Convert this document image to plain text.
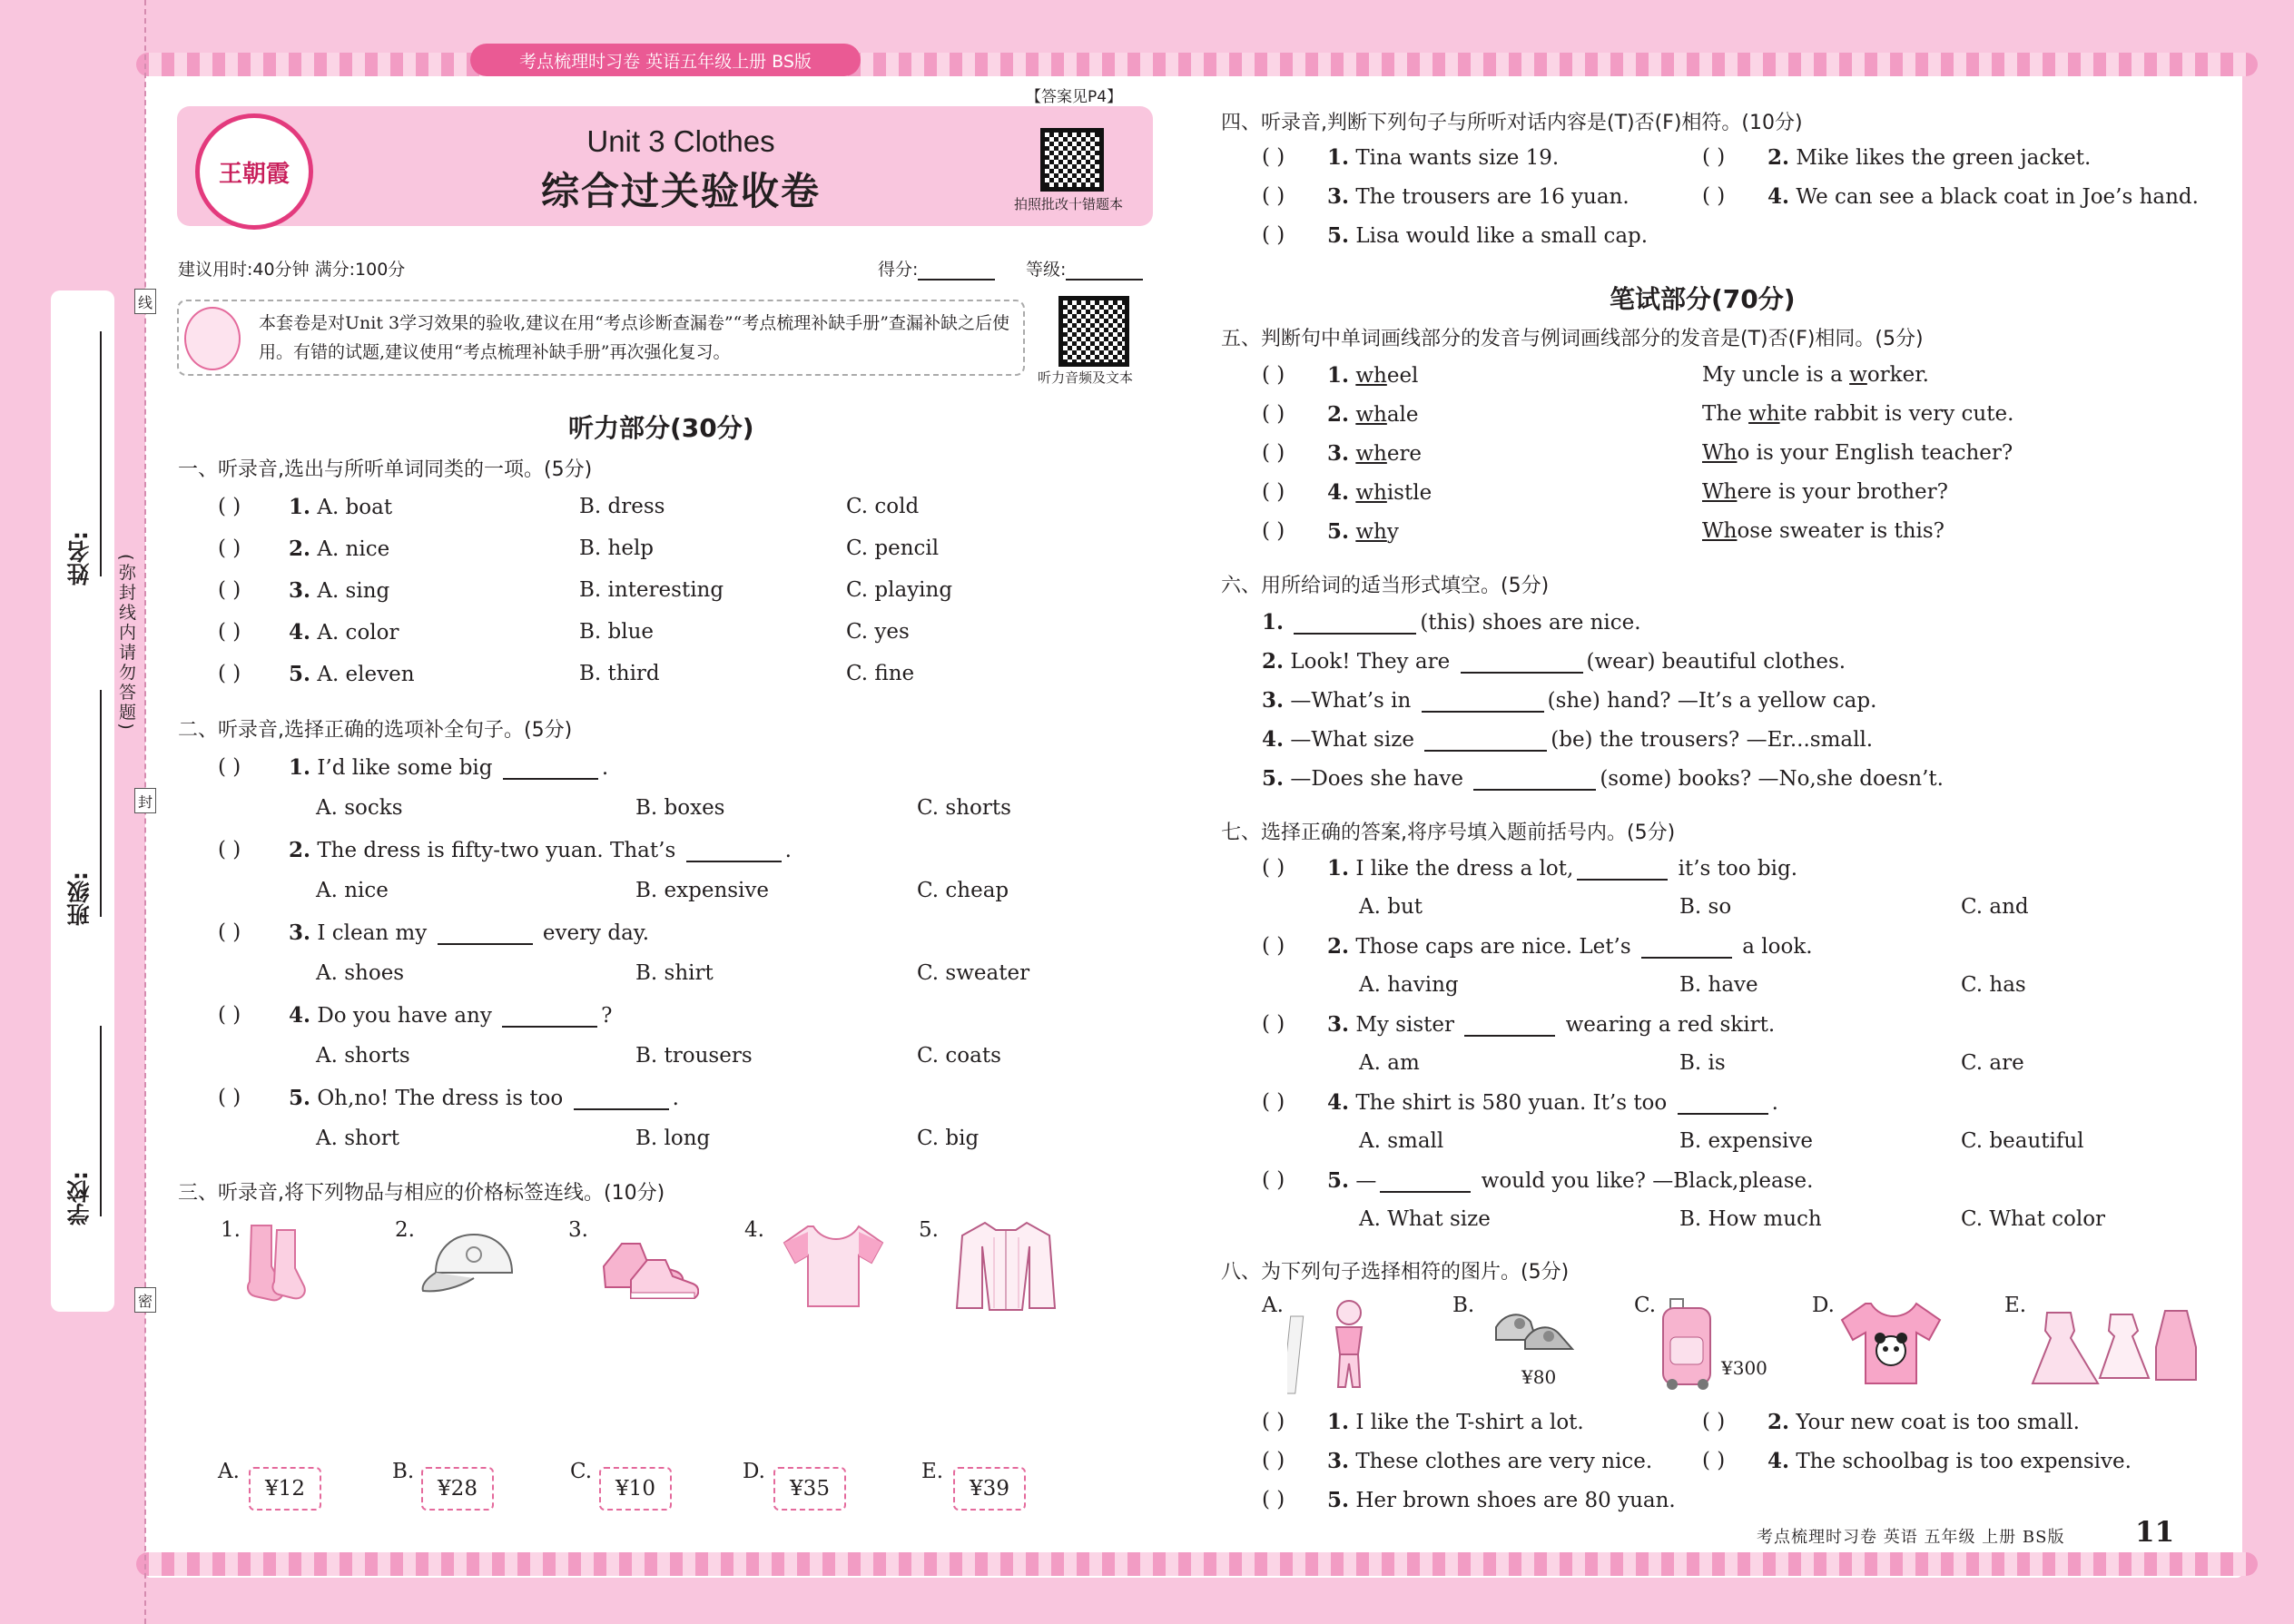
学校:
班级:
姓名: (弥封线内请勿答题)
线
封
密
考点梳理时习卷 英语五年级上册 BS版
【答案见P4】
王朝霞
Unit 3 Clothes
综合过关验收卷	拍照批改十错题本
听力音频及文本
建议用时:40分钟 满分:100分	得分:	等级:
本套卷是对Unit 3学习效果的验收,建议在用“考点诊断查漏卷”“考点梳理补缺手册”查漏补缺之后使用。有错的试题,建议使用“考点梳理补缺手册”再次强化复习。
听力部分(30分)
一、听录音,选出与所听单词同类的一项。(5分)
( ) 1. A. boat	B. dress	C. cold
( ) 2. A. nice	B. help	C. pencil
( ) 3. A. sing	B. interesting	C. playing
( ) 4. A. color	B. blue	C. yes
( ) 5. A. eleven	B. third	C. fine
二、听录音,选择正确的选项补全句子。(5分)
( ) 1. I’d like some big	.
A. socks	B. boxes	C. shorts
( ) 2. The dress is fifty-two yuan. That’s	.
A. nice	B. expensive	C. cheap
( ) 3. I clean my	every day.
A. shoes	B. shirt	C. sweater
( ) 4. Do you have any	?
A. shorts	B. trousers	C. coats
( ) 5. Oh,no! The dress is too	.
A. short	B. long	C. big
三、听录音,将下列物品与相应的价格标签连线。(10分)
1.	2.	3.	4.	5.
A.
¥12
B.
¥28
C.
¥10
D.
¥35
E.
¥39
四、听录音,判断下列句子与所听对话内容是(T)否(F)相符。(10分)
( ) 1. Tina wants size 19.	( ) 2. Mike likes the green jacket.
( ) 3. The trousers are 16 yuan.	( ) 4. We can see a black coat in Joe’s hand.
( ) 5. Lisa would like a small cap.
笔试部分(70分)
五、判断句中单词画线部分的发音与例词画线部分的发音是(T)否(F)相同。(5分)
( ) 1. wheel	My uncle is a worker.
( ) 2. whale	The white rabbit is very cute.
( ) 3. where	Who is your English teacher?
( ) 4. whistle	Where is your brother?
( ) 5. why	Whose sweater is this?
六、用所给词的适当形式填空。(5分)
1.	(this) shoes are nice.
2. Look! They are	(wear) beautiful clothes.
3. —What’s in	(she) hand? —It’s a yellow cap.
4. —What size	(be) the trousers? —Er...small.
5. —Does she have	(some) books? —No,she doesn’t.
七、选择正确的答案,将序号填入题前括号内。(5分)
( ) 1. I like the dress a lot,	it’s too big.
A. but	B. so	C. and
( ) 2. Those caps are nice. Let’s	a look.
A. having	B. have	C. has
( ) 3. My sister	wearing a red skirt.
A. am	B. is	C. are
( ) 4. The shirt is 580 yuan. It’s too	.
A. small	B. expensive	C. beautiful
( ) 5. —	would you like? —Black,please.
A. What size	B. How much	C. What color
八、为下列句子选择相符的图片。(5分)
A.	B.
¥80
C.
¥300
D.	E.
( ) 1. I like the T-shirt a lot.	( ) 2. Your new coat is too small.
( ) 3. These clothes are very nice. ( ) 4. The schoolbag is too expensive.
( ) 5. Her brown shoes are 80 yuan.
考点梳理时习卷 英语 五年级 上册 BS版	11
